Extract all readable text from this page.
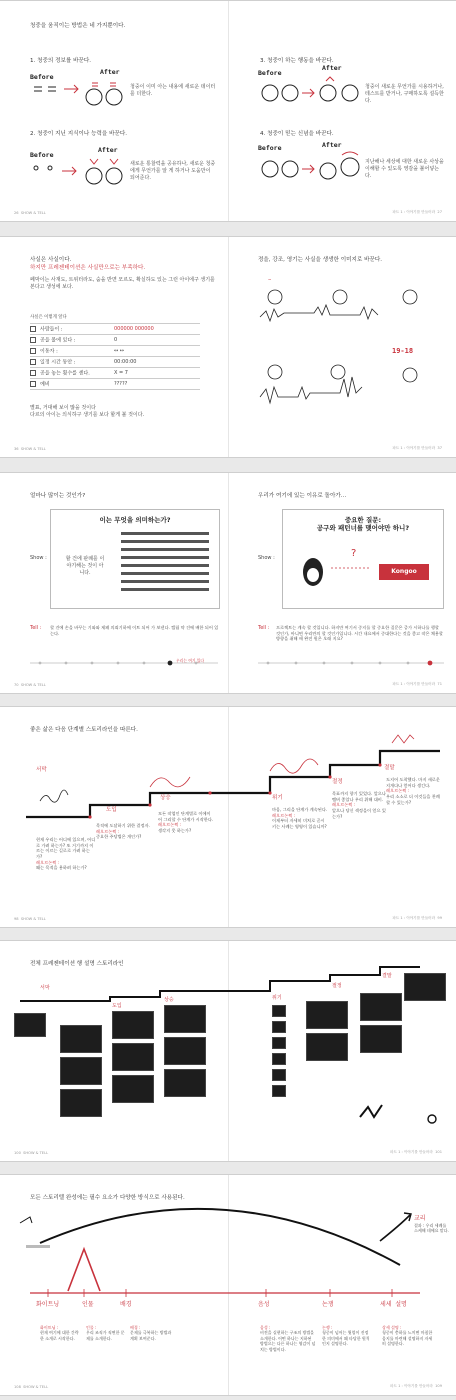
청중을 움직이는 방법은 네 가지뿐이다.
1. 청중의 정보를 바꾼다.
2. 청중이 지닌 지식이나 능력을 바꾼다.
3. 청중이 하는 행동을 바꾼다.
4. 청중이 믿는 신념을 바꾼다.
Before
After
Before
After
Before
After
Before	After
청중이 이미 아는 내용에 새로운 데이터를 더한다.
새로운 통찰력을 공유하나, 새로운 청중에게 무언가를 알 게 하거나 도움만이 되어준다.
청중이 새로운 무언가를 시용하거나, 테스트를 받거나, 구매하도록 설득한다.
지난해나 세상에 대한 새로운 사상을 이해할 수 있도록 영감을 불어넣는다.
26 SHOW & TELL	파트 1 : 이야기를 만들어라 27
사실은 사실이다.
하지만 프레젠테이션은 사실만으로는 부족하다.
페막이는 사재도, 트위터라도, 숨을 반면 모르도, 확실하도 있는 그런 아이에구 생기를 본다고 생성에 보다.
사실은 이렇게 알다
사람들이 :	000000 000000
공을 몰에 있다 :	0
이동자 :	↔ ↔
일정 시간 동안 :	00:00:00
공을 놓는 횟수를 센다.	X = 7
예비	?????
별표, 거대해 보이 많을 것이다
다르의 아이는 의식하구 생기를 보다 할게 볼 것이다.
정을, 강조, 영기는 사실을 생생한 이미지로 바꾼다.
~
19-18
36 SHOW & TELL	파트 1 : 이야기를 만들어라 37
얼마나 많이는 것인가?	우리가 여기에 있는 이유로 돌아가…
이는 무엇을 의미하는가?
할 건에 판례를 이야기해는 것이 아니다.
Show :
중요한 질문:
공구와 패턴너를 맺어야만 하니?
?
Kongoo
Show :
Tell : 할 건에 손을 바꾸는 기와와 제폐 의뢰기하에 이트 되어 가 보낸다. 캘립 약 건에 배한 되어 있는다.
Tell : 프로젝트는 계속 할 것입니다. 하지만 여기서 중지를 할 중요한 질문은 증가 시하나를 행할 것인가, 아니면 우리만의 할 것인가입니다. 시간 내요에서 중대한다는 것을 좋고 작은 채용할 방향을 취해 애 완전 원은 오래 지요?
우리는 여기 있다
70 SHOW & TELL	파트 1 : 이야기를 만들어라 71
좋은 삶은 다음 단계별 스토리라인을 따른다.
서막
도입
상승	위기
절정
결말
현재 우리는 어디에 있으며, 어디로 가려 하는가? 또 거기까지 이르는 이르는 길로로 가려 하는가?
레오르논쩍 :
왜는 목적을 용하려 하는가?
목적에 도달하기 위한 결정자.
레오르논쩍 :
중요한 주당법은 개인가?
모든 작업인 단계별로 이에이어 그리할 수 단계가 시작한다.
레오르논쩍 :
생각지 못 하는가?
마음, 그리을 단계가 계속된다.
레오르논쩍 :
이제부터 자세히 미처로 곧시키는 사례는 영영이 있습니까?
목표까지 향기 있었다. 앞으나 멤버 좋았나 우리 위해 대비.
레오르논쩍 :
앞으나 당신 색정을이 얻으 있는가?
도지어 도착했다. 마지 새로운 지개다나 얻어다 생긴다.
레오르논쩍 :
우리 소소로 더 이것들을 찬례할 수 있는가?
98 SHOW & TELL	파트 1 : 이야기를 만들어라 99
전체 프레젠테이션 행 설명 스토리라인
서막
도입
상승	위기
절정
결말
100 SHOW & TELL	파트 1 : 이야기를 만들어라 101
모든 스토리텔 완성에는 필수 요소가 다양한 방식으로 사용된다.
화이트닝	인물	배경	음성	논쟁	세세 설명
교리
결과 : 우리 세례를 스케해 데에요 말다.
화이트닝 :
현재 여기에 대한 간략한 소개로 시작한다.
인물 :
우리 조직가 직면한 문제를 소개한다.
배경 :
문제를 극복하는 방법과 계획 보여준다.
음성 :
비전을 실현하는 구조의 방법을 소개한다. 어떤 하나는 지하된 방법으는 다른 하나는 영감이 넘치는 방법이다.
논쟁 :
청중이 넘어는 뭣엄이 진정한 의미에서 왜 타당한 원칙인지 설명한다.
상세 설명 :
청중이 충하를 느끼면 마침한 음지를 마련해 설명하지 자세히 설명한다.
108 SHOW & TELL	파트 1 : 이야기를 만들어라 109
